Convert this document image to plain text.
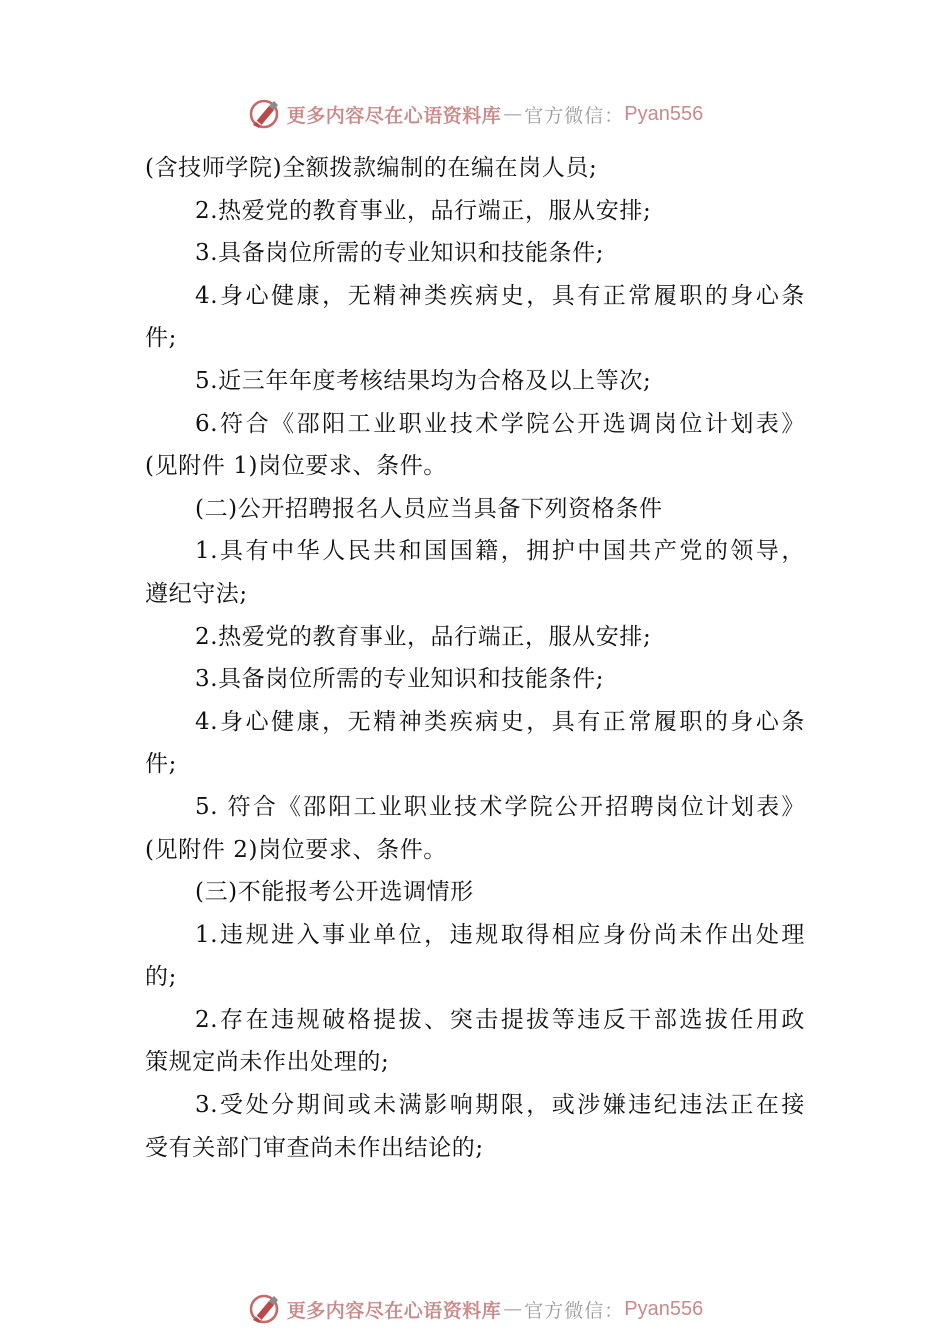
更多内容尽在心语资料库 — 官方微信： Pyan556
(含技师学院)全额拨款编制的在编在岗人员;
2.热爱党的教育事业，品行端正，服从安排;
3.具备岗位所需的专业知识和技能条件;
4.身心健康，无精神类疾病史，具有正常履职的身心条
件;
5.近三年年度考核结果均为合格及以上等次;
6.符合《邵阳工业职业技术学院公开选调岗位计划表》
(见附件 1)岗位要求、条件。
(二)公开招聘报名人员应当具备下列资格条件
1.具有中华人民共和国国籍，拥护中国共产党的领导，
遵纪守法;
2.热爱党的教育事业，品行端正，服从安排;
3.具备岗位所需的专业知识和技能条件;
4.身心健康，无精神类疾病史，具有正常履职的身心条
件;
5. 符合《邵阳工业职业技术学院公开招聘岗位计划表》
(见附件 2)岗位要求、条件。
(三)不能报考公开选调情形
1.违规进入事业单位，违规取得相应身份尚未作出处理
的;
2.存在违规破格提拔、突击提拔等违反干部选拔任用政
策规定尚未作出处理的;
3.受处分期间或未满影响期限，或涉嫌违纪违法正在接
受有关部门审查尚未作出结论的;
更多内容尽在心语资料库 — 官方微信： Pyan556
